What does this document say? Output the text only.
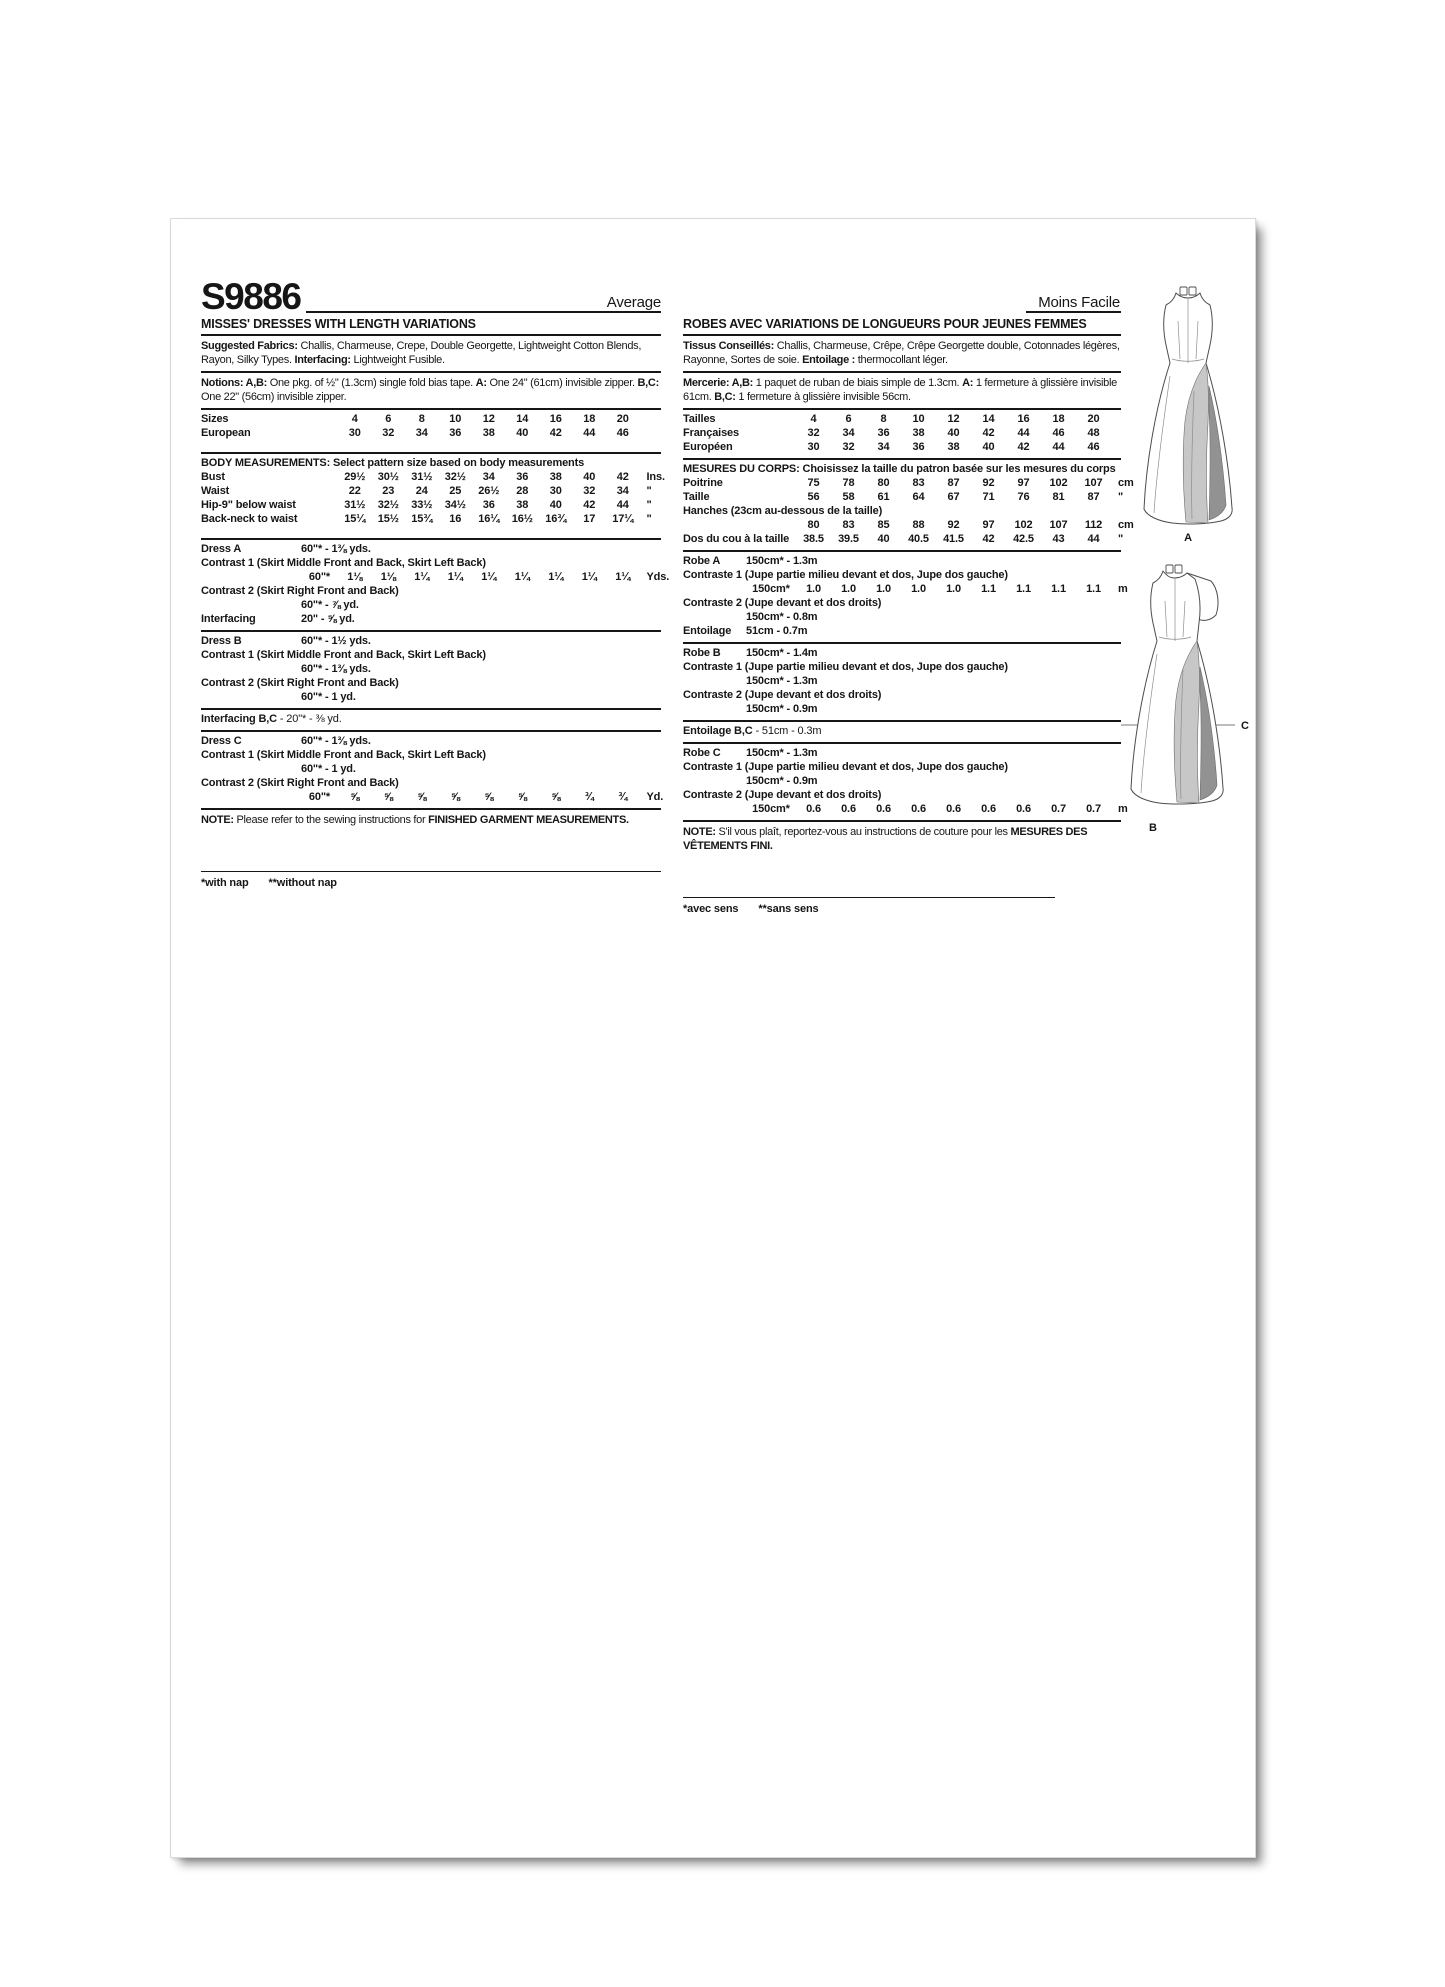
S9886	Average
MISSES' DRESSES WITH LENGTH VARIATIONS

Suggested Fabrics: Challis, Charmeuse, Crepe, Double Georgette, Lightweight Cotton Blends, Rayon, Silky Types. Interfacing: Lightweight Fusible.

Notions: A,B: One pkg. of ½" (1.3cm) single fold bias tape. A: One 24" (61cm) invisible zipper. B,C: One 22" (56cm) invisible zipper.

Sizes	4	6	8	10	12	14	16	18	20
European	30	32	34	36	38	40	42	44	46
BODY MEASUREMENTS: Select pattern size based on body measurements
Bust	29½	30½	31½	32½	34	36	38	40	42	Ins.
Waist	22	23	24	25	26½	28	30	32	34	"
Hip-9" below waist	31½	32½	33½	34½	36	38	40	42	44	"
Back-neck to waist	15¼	15½	15¾	16	16¼	16½	16¾	17	17¼	"
Dress A	60"* - 1⅜ yds.
Contrast 1 (Skirt Middle Front and Back, Skirt Left Back)
60"*	1⅛	1⅛	1¼	1¼	1¼	1¼	1¼	1¼	1¼	Yds.
Contrast 2 (Skirt Right Front and Back)
60"* - ⅞ yd.
Interfacing	20" - ⅝ yd.
Dress B	60"* - 1½ yds.
Contrast 1 (Skirt Middle Front and Back, Skirt Left Back)
60"* - 1⅜ yds.
Contrast 2 (Skirt Right Front and Back)
60"* - 1 yd.
Interfacing B,C - 20"* - ⅜ yd.
Dress C	60"* - 1⅜ yds.
Contrast 1 (Skirt Middle Front and Back, Skirt Left Back)
60"* - 1 yd.
Contrast 2 (Skirt Right Front and Back)
60"*	⅝	⅝	⅝	⅝	⅝	⅝	⅝	¾	¾	Yd.

NOTE: Please refer to the sewing instructions for FINISHED GARMENT MEASUREMENTS.

*with nap **without nap
Moins Facile
ROBES AVEC VARIATIONS DE LONGUEURS POUR JEUNES FEMMES

Tissus Conseillés: Challis, Charmeuse, Crêpe, Crêpe Georgette double, Cotonnades légères, Rayonne, Sortes de soie. Entoilage : thermocollant léger.

Mercerie: A,B: 1 paquet de ruban de biais simple de 1.3cm. A: 1 fermeture à glissière invisible 61cm. B,C: 1 fermeture à glissière invisible 56cm.

Tailles	4	6	8	10	12	14	16	18	20
Françaises	32	34	36	38	40	42	44	46	48
Européen	30	32	34	36	38	40	42	44	46
MESURES DU CORPS: Choisissez la taille du patron basée sur les mesures du corps
Poitrine	75	78	80	83	87	92	97	102	107	cm
Taille	56	58	61	64	67	71	76	81	87	"
Hanches (23cm au-dessous de la taille)
80	83	85	88	92	97	102	107	112	cm
Dos du cou à la taille	38.5	39.5	40	40.5	41.5	42	42.5	43	44	"
Robe A	150cm* - 1.3m
Contraste 1 (Jupe partie milieu devant et dos, Jupe dos gauche)
150cm*	1.0	1.0	1.0	1.0	1.0	1.1	1.1	1.1	1.1	m
Contraste 2 (Jupe devant et dos droits)
150cm* - 0.8m
Entoilage	51cm - 0.7m
Robe B	150cm* - 1.4m
Contraste 1 (Jupe partie milieu devant et dos, Jupe dos gauche)
150cm* - 1.3m
Contraste 2 (Jupe devant et dos droits)
150cm* - 0.9m
Entoilage B,C - 51cm - 0.3m
Robe C	150cm* - 1.3m
Contraste 1 (Jupe partie milieu devant et dos, Jupe dos gauche)
150cm* - 0.9m
Contraste 2 (Jupe devant et dos droits)
150cm*	0.6	0.6	0.6	0.6	0.6	0.6	0.6	0.7	0.7	m

NOTE: S'il vous plaît, reportez-vous au instructions de couture pour les MESURES DES VÊTEMENTS FINI.

*avec sens **sans sens
A
C
B
